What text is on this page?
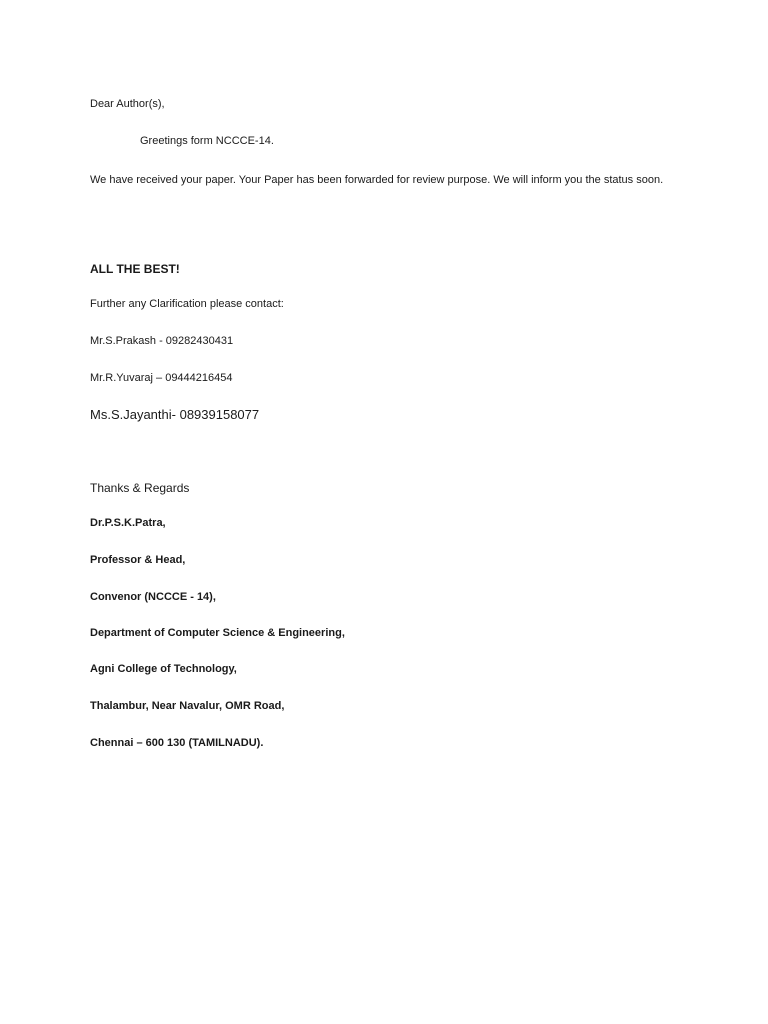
Dear Author(s),
Greetings form NCCCE-14.
We have received your paper. Your Paper has been forwarded for review purpose. We will inform you the status soon.
ALL THE BEST!
Further any Clarification please contact:
Mr.S.Prakash - 09282430431
Mr.R.Yuvaraj – 09444216454
Ms.S.Jayanthi- 08939158077
Thanks & Regards
Dr.P.S.K.Patra,
Professor & Head,
Convenor (NCCCE - 14),
Department of Computer Science & Engineering,
Agni College of Technology,
Thalambur, Near Navalur, OMR Road,
Chennai – 600 130 (TAMILNADU).
